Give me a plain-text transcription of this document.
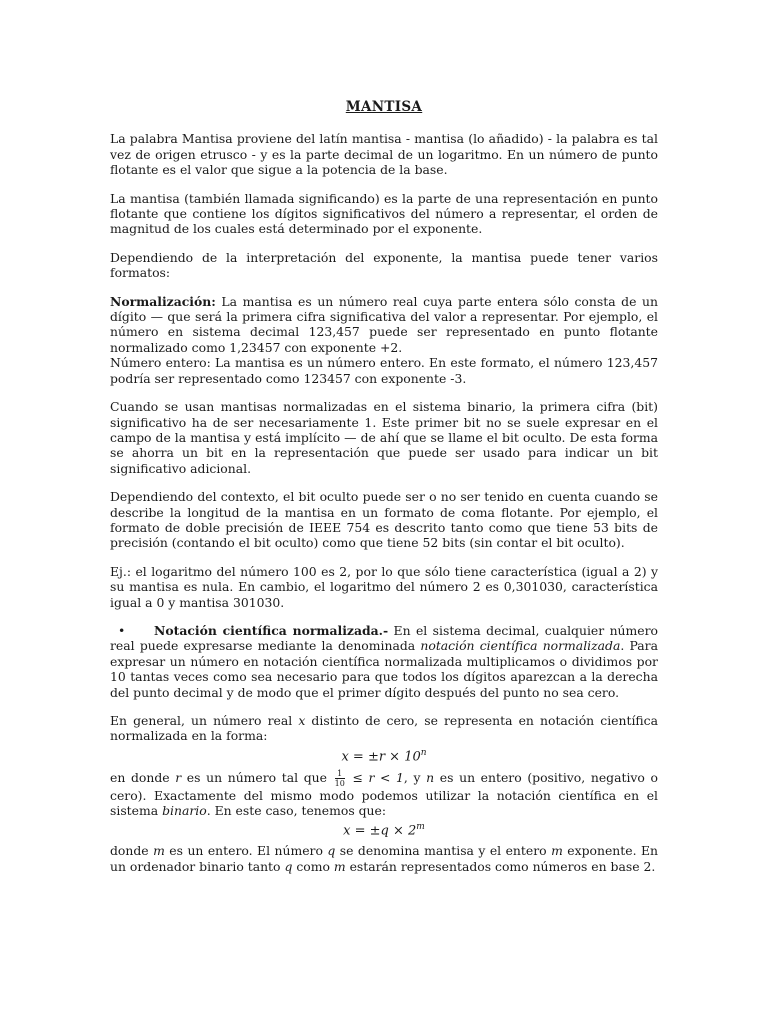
MANTISA

La palabra Mantisa proviene del latín mantisa - mantisa (lo añadido) - la palabra es tal vez de origen etrusco - y es la parte decimal de un logaritmo. En un número de punto flotante es el valor que sigue a la potencia de la base.

La mantisa (también llamada significando) es la parte de una representación en punto flotante que contiene los dígitos significativos del número a representar, el orden de magnitud de los cuales está determinado por el exponente.

Dependiendo de la interpretación del exponente, la mantisa puede tener varios formatos:

Normalización: La mantisa es un número real cuya parte entera sólo consta de un dígito — que será la primera cifra significativa del valor a representar. Por ejemplo, el número en sistema decimal 123,457 puede ser representado en punto flotante normalizado como 1,23457 con exponente +2.

Número entero: La mantisa es un número entero. En este formato, el número 123,457 podría ser representado como 123457 con exponente -3.

Cuando se usan mantisas normalizadas en el sistema binario, la primera cifra (bit) significativo ha de ser necesariamente 1. Este primer bit no se suele expresar en el campo de la mantisa y está implícito — de ahí que se llame el bit oculto. De esta forma se ahorra un bit en la representación que puede ser usado para indicar un bit significativo adicional.

Dependiendo del contexto, el bit oculto puede ser o no ser tenido en cuenta cuando se describe la longitud de la mantisa en un formato de coma flotante. Por ejemplo, el formato de doble precisión de IEEE 754 es descrito tanto como que tiene 53 bits de precisión (contando el bit oculto) como que tiene 52 bits (sin contar el bit oculto).

Ej.: el logaritmo del número 100 es 2, por lo que sólo tiene característica (igual a 2) y su mantisa es nula. En cambio, el logaritmo del número 2 es 0,301030, característica igual a 0 y mantisa 301030.

• Notación científica normalizada.- En el sistema decimal, cualquier número real puede expresarse mediante la denominada notación científica normalizada. Para expresar un número en notación científica normalizada multiplicamos o dividimos por 10 tantas veces como sea necesario para que todos los dígitos aparezcan a la derecha del punto decimal y de modo que el primer dígito después del punto no sea cero.

En general, un número real x distinto de cero, se representa en notación científica normalizada en la forma:

$x = \pm r \times 10^n$

en donde r es un número tal que $\frac{1}{10} \le r < 1$, y n es un entero (positivo, negativo o cero). Exactamente del mismo modo podemos utilizar la notación científica en el sistema binario. En este caso, tenemos que:

$x = \pm q \times 2^m$

donde m es un entero. El número q se denomina mantisa y el entero m exponente. En un ordenador binario tanto q como m estarán representados como números en base 2.
